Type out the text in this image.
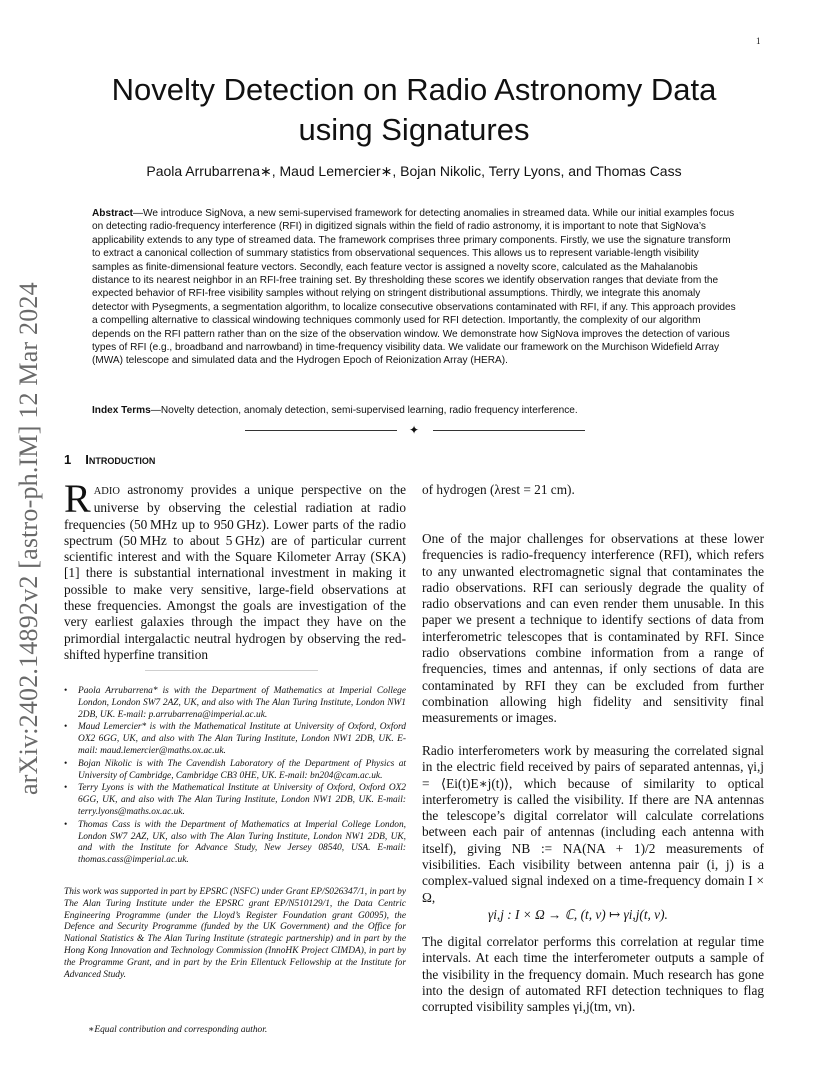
1
arXiv:2402.14892v2 [astro-ph.IM] 12 Mar 2024
Novelty Detection on Radio Astronomy Data
using Signatures
Paola Arrubarrena∗, Maud Lemercier∗, Bojan Nikolic, Terry Lyons, and Thomas Cass

Abstract—We introduce SigNova, a new semi-supervised framework for detecting anomalies in streamed data. While our initial examples focus on detecting radio-frequency interference (RFI) in digitized signals within the field of radio astronomy, it is important to note that SigNova’s applicability extends to any type of streamed data. The framework comprises three primary components. Firstly, we use the signature transform to extract a canonical collection of summary statistics from observational sequences. This allows us to represent variable-length visibility samples as finite-dimensional feature vectors. Secondly, each feature vector is assigned a novelty score, calculated as the Mahalanobis distance to its nearest neighbor in an RFI-free training set. By thresholding these scores we identify observation ranges that deviate from the expected behavior of RFI-free visibility samples without relying on stringent distributional assumptions. Thirdly, we integrate this anomaly detector with Pysegments, a segmentation algorithm, to localize consecutive observations contaminated with RFI, if any. This approach provides a compelling alternative to classical windowing techniques commonly used for RFI detection. Importantly, the complexity of our algorithm depends on the RFI pattern rather than on the size of the observation window. We demonstrate how SigNova improves the detection of various types of RFI (e.g., broadband and narrowband) in time-frequency visibility data. We validate our framework on the Murchison Widefield Array (MWA) telescope and simulated data and the Hydrogen Epoch of Reionization Array (HERA).

Index Terms—Novelty detection, anomaly detection, semi-supervised learning, radio frequency interference.

✦
1 Introduction
RADIO astronomy provides a unique perspective on the universe by observing the celestial radiation at radio frequencies (50 MHz up to 950 GHz). Lower parts of the radio spectrum (50 MHz to about 5 GHz) are of particular current scientific interest and with the Square Kilometer Array (SKA) [1] there is substantial international investment in making it possible to make very sensitive, large-field observations at these frequencies. Amongst the goals are investigation of the very earliest galaxies through the impact they have on the primordial intergalactic neutral hydrogen by observing the red-shifted hyperfine transition
• Paola Arrubarrena* is with the Department of Mathematics at Imperial College London, London SW7 2AZ, UK, and also with The Alan Turing Institute, London NW1 2DB, UK. E-mail: p.arrubarrena@imperial.ac.uk.
• Maud Lemercier* is with the Mathematical Institute at University of Oxford, Oxford OX2 6GG, UK, and also with The Alan Turing Institute, London NW1 2DB, UK. E-mail: maud.lemercier@maths.ox.ac.uk.
• Bojan Nikolic is with The Cavendish Laboratory of the Department of Physics at University of Cambridge, Cambridge CB3 0HE, UK. E-mail: bn204@cam.ac.uk.
• Terry Lyons is with the Mathematical Institute at University of Oxford, Oxford OX2 6GG, UK, and also with The Alan Turing Institute, London NW1 2DB, UK. E-mail: terry.lyons@maths.ox.ac.uk.
• Thomas Cass is with the Department of Mathematics at Imperial College London, London SW7 2AZ, UK, also with The Alan Turing Institute, London NW1 2DB, UK, and with the Institute for Advance Study, New Jersey 08540, USA. E-mail: thomas.cass@imperial.ac.uk.

This work was supported in part by EPSRC (NSFC) under Grant EP/S026347/1, in part by The Alan Turing Institute under the EPSRC grant EP/N510129/1, the Data Centric Engineering Programme (under the Lloyd’s Register Foundation grant G0095), the Defence and Security Programme (funded by the UK Government) and the Office for National Statistics & The Alan Turing Institute (strategic partnership) and in part by the Hong Kong Innovation and Technology Commission (InnoHK Project CIMDA), in part by the Programme Grant, and in part by the Erin Ellentuck Fellowship at the Institute for Advanced Study.

∗Equal contribution and corresponding author.

of hydrogen (λrest = 21 cm).
One of the major challenges for observations at these lower frequencies is radio-frequency interference (RFI), which refers to any unwanted electromagnetic signal that contaminates the radio observations. RFI can seriously degrade the quality of radio observations and can even render them unusable. In this paper we present a technique to identify sections of data from interferometric telescopes that is contaminated by RFI. Since radio observations combine information from a range of frequencies, times and antennas, if only sections of data are contaminated by RFI they can be excluded from further combination allowing high fidelity and sensitivity final measurements or images.
Radio interferometers work by measuring the correlated signal in the electric field received by pairs of separated antennas, γi,j = ⟨Ei(t)E∗j(t)⟩, which because of similarity to optical interferometry is called the visibility. If there are NA antennas the telescope’s digital correlator will calculate correlations between each pair of antennas (including each antenna with itself), giving NB := NA(NA + 1)/2 measurements of visibilities. Each visibility between antenna pair (i, j) is a complex-valued signal indexed on a time-frequency domain I × Ω,
γi,j : I × Ω → ℂ, (t, ν) ↦ γi,j(t, ν).
The digital correlator performs this correlation at regular time intervals. At each time the interferometer outputs a sample of the visibility in the frequency domain. Much research has gone into the design of automated RFI detection techniques to flag corrupted visibility samples γi,j(tm, νn).
